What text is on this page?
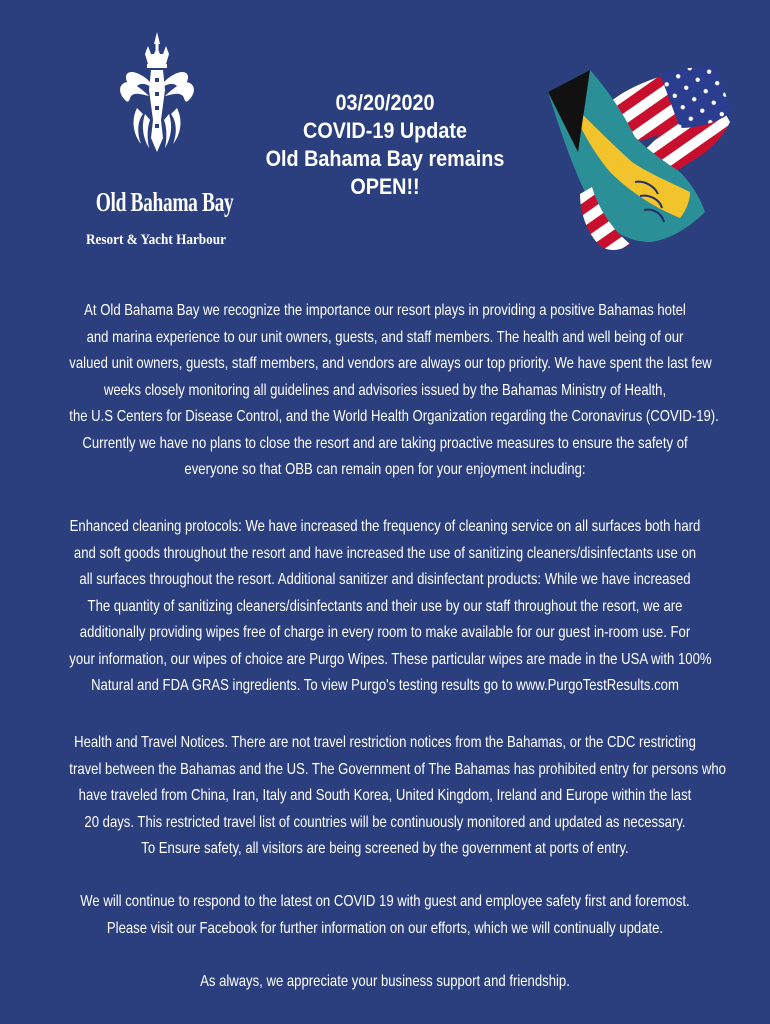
Old Bahama Bay
Resort & Yacht Harbour
03/20/2020
COVID-19 Update
Old Bahama Bay remains
OPEN!!
At Old Bahama Bay we recognize the importance our resort plays in providing a positive Bahamas hotel
and marina experience to our unit owners, guests, and staff members. The health and well being of our
valued unit owners, guests, staff members, and vendors are always our top priority. We have spent the last few
weeks closely monitoring all guidelines and advisories issued by the Bahamas Ministry of Health,
the U.S Centers for Disease Control, and the World Health Organization regarding the Coronavirus (COVID-19).
Currently we have no plans to close the resort and are taking proactive measures to ensure the safety of
everyone so that OBB can remain open for your enjoyment including:
Enhanced cleaning protocols: We have increased the frequency of cleaning service on all surfaces both hard
and soft goods throughout the resort and have increased the use of sanitizing cleaners/disinfectants use on
all surfaces throughout the resort. Additional sanitizer and disinfectant products: While we have increased
The quantity of sanitizing cleaners/disinfectants and their use by our staff throughout the resort, we are
additionally providing wipes free of charge in every room to make available for our guest in-room use. For
your information, our wipes of choice are Purgo Wipes. These particular wipes are made in the USA with 100%
Natural and FDA GRAS ingredients. To view Purgo's testing results go to www.PurgoTestResults.com
Health and Travel Notices. There are not travel restriction notices from the Bahamas, or the CDC restricting
travel between the Bahamas and the US. The Government of The Bahamas has prohibited entry for persons who
have traveled from China, Iran, Italy and South Korea, United Kingdom, Ireland and Europe within the last
20 days. This restricted travel list of countries will be continuously monitored and updated as necessary.
To Ensure safety, all visitors are being screened by the government at ports of entry.
We will continue to respond to the latest on COVID 19 with guest and employee safety first and foremost.
Please visit our Facebook for further information on our efforts, which we will continually update.
As always, we appreciate your business support and friendship.
